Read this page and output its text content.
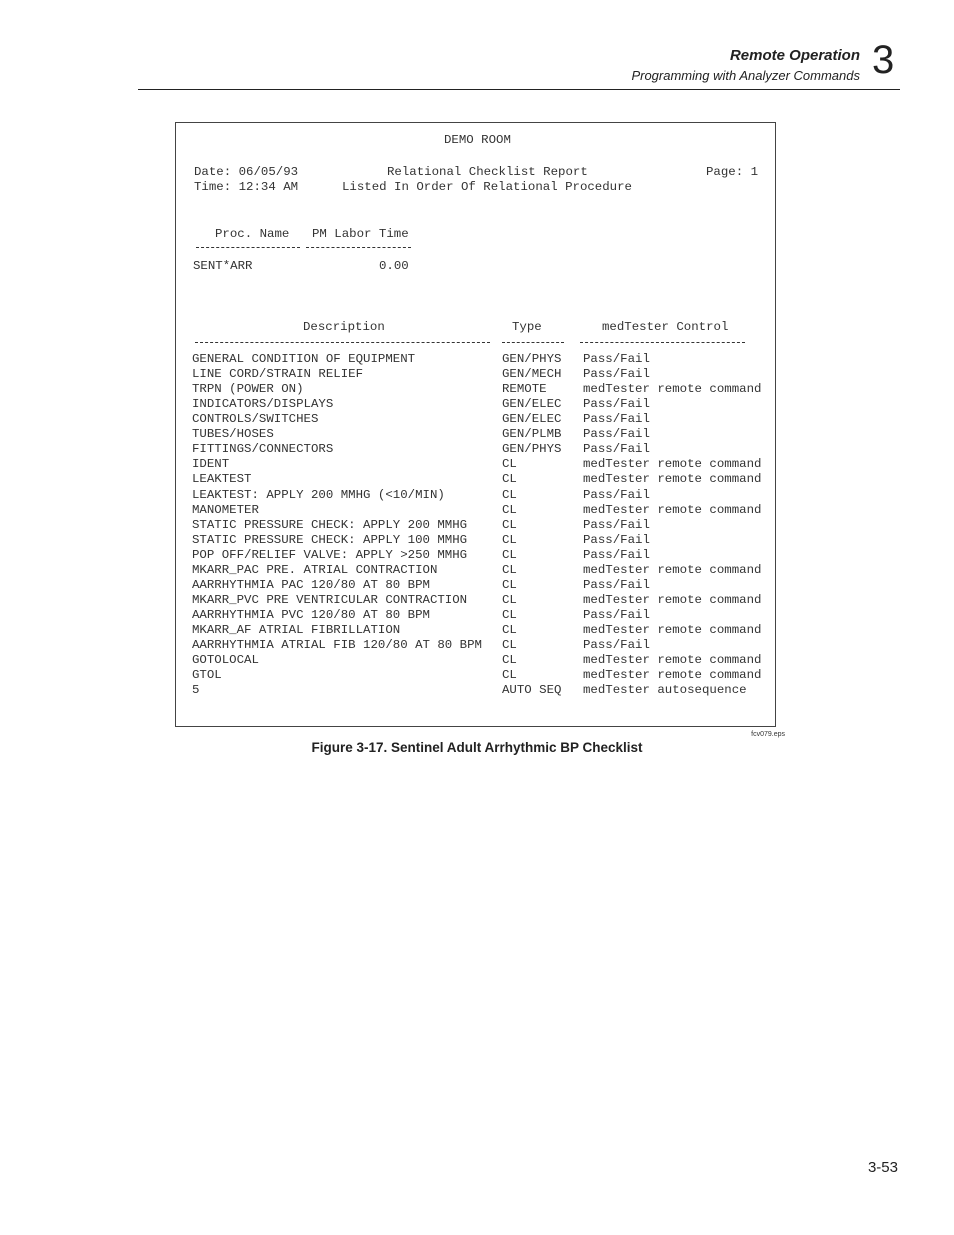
Remote Operation
Programming with Analyzer Commands 3
DEMO ROOM
Date: 06/05/93
Time: 12:34 AM
Relational Checklist Report
Listed In Order Of Relational Procedure
Page: 1
Proc. Name PM Labor Time
SENT*ARR	0.00
Description	Type	medTester Control
GENERAL CONDITION OF EQUIPMENT	GEN/PHYS Pass/Fail
LINE CORD/STRAIN RELIEF	GEN/MECH Pass/Fail
TRPN (POWER ON)	REMOTE	medTester remote command
INDICATORS/DISPLAYS	GEN/ELEC Pass/Fail
CONTROLS/SWITCHES	GEN/ELEC Pass/Fail
TUBES/HOSES	GEN/PLMB Pass/Fail
FITTINGS/CONNECTORS	GEN/PHYS Pass/Fail
IDENT	CL	medTester remote command
LEAKTEST	CL	medTester remote command
LEAKTEST: APPLY 200 MMHG (<10/MIN)	CL	Pass/Fail
MANOMETER	CL	medTester remote command
STATIC PRESSURE CHECK: APPLY 200 MMHG	CL	Pass/Fail
STATIC PRESSURE CHECK: APPLY 100 MMHG	CL	Pass/Fail
POP OFF/RELIEF VALVE: APPLY >250 MMHG	CL	Pass/Fail
MKARR_PAC PRE. ATRIAL CONTRACTION	CL	medTester remote command
AARRHYTHMIA PAC 120/80 AT 80 BPM	CL	Pass/Fail
MKARR_PVC PRE VENTRICULAR CONTRACTION	CL	medTester remote command
AARRHYTHMIA PVC 120/80 AT 80 BPM	CL	Pass/Fail
MKARR_AF ATRIAL FIBRILLATION	CL	medTester remote command
AARRHYTHMIA ATRIAL FIB 120/80 AT 80 BPM CL	Pass/Fail
GOTOLOCAL	CL	medTester remote command
GTOL	CL	medTester remote command
5	AUTO SEQ medTester autosequence
fcv079.eps
Figure 3-17. Sentinel Adult Arrhythmic BP Checklist
3-53
